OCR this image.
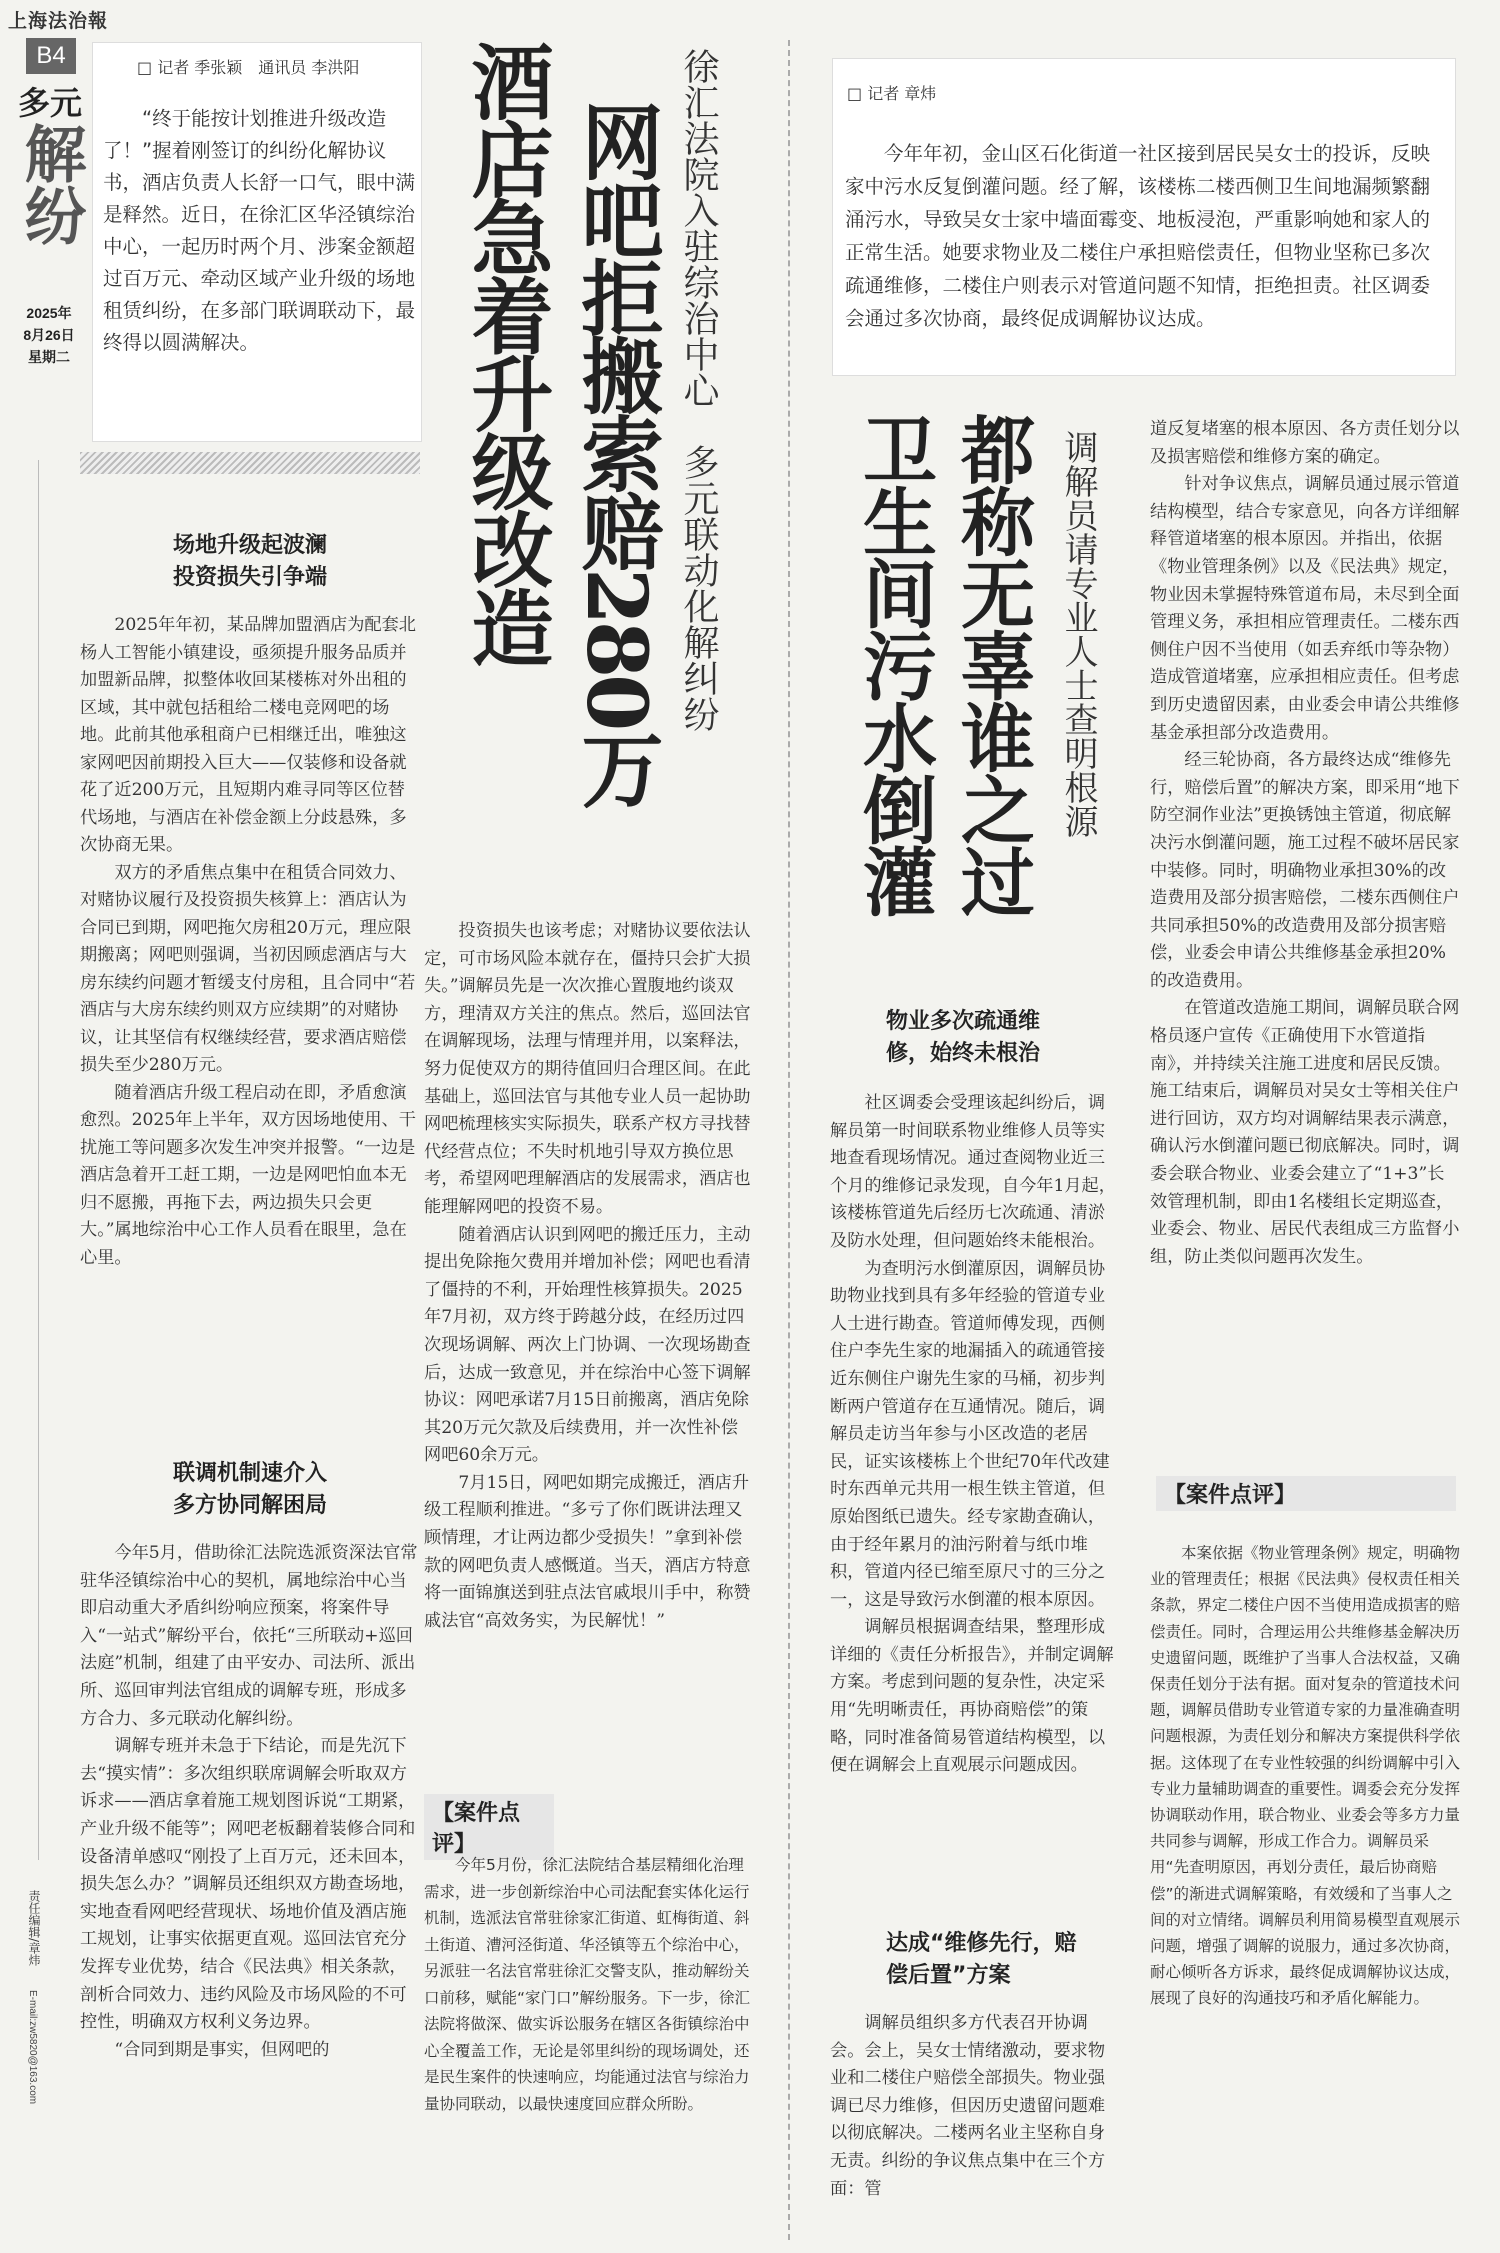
上海法治報
B4
多元
解纷
2025年
8月26日
星期二
责任编辑/章炜
E-mail:zw5820@163.com
□ 记者 季张颖　通讯员 李洪阳

“终于能按计划推进升级改造了！”握着刚签订的纠纷化解协议书，酒店负责人长舒一口气，眼中满是释然。近日，在徐汇区华泾镇综治中心，一起历时两个月、涉案金额超过百万元、牵动区域产业升级的场地租赁纠纷，在多部门联调联动下，最终得以圆满解决。	网吧拒搬索赔280万
酒店急着升级改造	徐汇法院入驻综治中心　多元联动化解纠纷
场地升级起波澜
投资损失引争端

2025年年初，某品牌加盟酒店为配套北杨人工智能小镇建设，亟须提升服务品质并加盟新品牌，拟整体收回某楼栋对外出租的区域，其中就包括租给二楼电竞网吧的场地。此前其他承租商户已相继迁出，唯独这家网吧因前期投入巨大——仅装修和设备就花了近200万元，且短期内难寻同等区位替代场地，与酒店在补偿金额上分歧悬殊，多次协商无果。

双方的矛盾焦点集中在租赁合同效力、对赌协议履行及投资损失核算上：酒店认为合同已到期，网吧拖欠房租20万元，理应限期搬离；网吧则强调，当初因顾虑酒店与大房东续约问题才暂缓支付房租，且合同中“若酒店与大房东续约则双方应续期”的对赌协议，让其坚信有权继续经营，要求酒店赔偿损失至少280万元。

随着酒店升级工程启动在即，矛盾愈演愈烈。2025年上半年，双方因场地使用、干扰施工等问题多次发生冲突并报警。“一边是酒店急着开工赶工期，一边是网吧怕血本无归不愿搬，再拖下去，两边损失只会更大。”属地综治中心工作人员看在眼里，急在心里。

联调机制速介入
多方协同解困局

今年5月，借助徐汇法院选派资深法官常驻华泾镇综治中心的契机，属地综治中心当即启动重大矛盾纠纷响应预案，将案件导入“一站式”解纷平台，依托“三所联动+巡回法庭”机制，组建了由平安办、司法所、派出所、巡回审判法官组成的调解专班，形成多方合力、多元联动化解纠纷。

调解专班并未急于下结论，而是先沉下去“摸实情”：多次组织联席调解会听取双方诉求——酒店拿着施工规划图诉说“工期紧，产业升级不能等”；网吧老板翻着装修合同和设备清单感叹“刚投了上百万元，还未回本，损失怎么办？”调解员还组织双方勘查场地，实地查看网吧经营现状、场地价值及酒店施工规划，让事实依据更直观。巡回法官充分发挥专业优势，结合《民法典》相关条款，剖析合同效力、违约风险及市场风险的不可控性，明确双方权利义务边界。

“合同到期是事实，但网吧的

投资损失也该考虑；对赌协议要依法认定，可市场风险本就存在，僵持只会扩大损失。”调解员先是一次次推心置腹地约谈双方，理清双方关注的焦点。然后，巡回法官在调解现场，法理与情理并用，以案释法，努力促使双方的期待值回归合理区间。在此基础上，巡回法官与其他专业人员一起协助网吧梳理核实实际损失，联系产权方寻找替代经营点位；不失时机地引导双方换位思考，希望网吧理解酒店的发展需求，酒店也能理解网吧的投资不易。

随着酒店认识到网吧的搬迁压力，主动提出免除拖欠费用并增加补偿；网吧也看清了僵持的不利，开始理性核算损失。2025年7月初，双方终于跨越分歧，在经历过四次现场调解、两次上门协调、一次现场勘查后，达成一致意见，并在综治中心签下调解协议：网吧承诺7月15日前搬离，酒店免除其20万元欠款及后续费用，并一次性补偿网吧60余万元。

7月15日，网吧如期完成搬迁，酒店升级工程顺利推进。“多亏了你们既讲法理又顾情理，才让两边都少受损失！”拿到补偿款的网吧负责人感慨道。当天，酒店方特意将一面锦旗送到驻点法官戚垠川手中，称赞戚法官“高效务实，为民解忧！”

【案件点评】

今年5月份，徐汇法院结合基层精细化治理需求，进一步创新综治中心司法配套实体化运行机制，选派法官常驻徐家汇街道、虹梅街道、斜土街道、漕河泾街道、华泾镇等五个综治中心，另派驻一名法官常驻徐汇交警支队，推动解纷关口前移，赋能“家门口”解纷服务。下一步，徐汇法院将做深、做实诉讼服务在辖区各街镇综治中心全覆盖工作，无论是邻里纠纷的现场调处，还是民生案件的快速响应，均能通过法官与综治力量协同联动，以最快速度回应群众所盼。

□ 记者 章炜

今年年初，金山区石化街道一社区接到居民吴女士的投诉，反映家中污水反复倒灌问题。经了解，该楼栋二楼西侧卫生间地漏频繁翻涌污水，导致吴女士家中墙面霉变、地板浸泡，严重影响她和家人的正常生活。她要求物业及二楼住户承担赔偿责任，但物业坚称已多次疏通维修，二楼住户则表示对管道问题不知情，拒绝担责。社区调委会通过多次协商，最终促成调解协议达成。

调解员请专业人士查明根源
都称无辜谁之过
卫生间污水倒灌
物业多次疏通维
修，始终未根治

社区调委会受理该起纠纷后，调解员第一时间联系物业维修人员等实地查看现场情况。通过查阅物业近三个月的维修记录发现，自今年1月起，该楼栋管道先后经历七次疏通、清淤及防水处理，但问题始终未能根治。

为查明污水倒灌原因，调解员协助物业找到具有多年经验的管道专业人士进行勘查。管道师傅发现，西侧住户李先生家的地漏插入的疏通管接近东侧住户谢先生家的马桶，初步判断两户管道存在互通情况。随后，调解员走访当年参与小区改造的老居民，证实该楼栋上个世纪70年代改建时东西单元共用一根生铁主管道，但原始图纸已遗失。经专家勘查确认，由于经年累月的油污附着与纸巾堆积，管道内径已缩至原尺寸的三分之一，这是导致污水倒灌的根本原因。

调解员根据调查结果，整理形成详细的《责任分析报告》，并制定调解方案。考虑到问题的复杂性，决定采用“先明晰责任，再协商赔偿”的策略，同时准备简易管道结构模型，以便在调解会上直观展示问题成因。

达成“维修先行，赔
偿后置”方案

调解员组织多方代表召开协调会。会上，吴女士情绪激动，要求物业和二楼住户赔偿全部损失。物业强调已尽力维修，但因历史遗留问题难以彻底解决。二楼两名业主坚称自身无责。纠纷的争议焦点集中在三个方面：管

道反复堵塞的根本原因、各方责任划分以及损害赔偿和维修方案的确定。

针对争议焦点，调解员通过展示管道结构模型，结合专家意见，向各方详细解释管道堵塞的根本原因。并指出，依据《物业管理条例》以及《民法典》规定，物业因未掌握特殊管道布局，未尽到全面管理义务，承担相应管理责任。二楼东西侧住户因不当使用（如丢弃纸巾等杂物）造成管道堵塞，应承担相应责任。但考虑到历史遗留因素，由业委会申请公共维修基金承担部分改造费用。

经三轮协商，各方最终达成“维修先行，赔偿后置”的解决方案，即采用“地下防空洞作业法”更换锈蚀主管道，彻底解决污水倒灌问题，施工过程不破坏居民家中装修。同时，明确物业承担30%的改造费用及部分损害赔偿，二楼东西侧住户共同承担50%的改造费用及部分损害赔偿，业委会申请公共维修基金承担20%的改造费用。

在管道改造施工期间，调解员联合网格员逐户宣传《正确使用下水管道指南》，并持续关注施工进度和居民反馈。施工结束后，调解员对吴女士等相关住户进行回访，双方均对调解结果表示满意，确认污水倒灌问题已彻底解决。同时，调委会联合物业、业委会建立了“1+3”长效管理机制，即由1名楼组长定期巡查，业委会、物业、居民代表组成三方监督小组，防止类似问题再次发生。

【案件点评】

本案依据《物业管理条例》规定，明确物业的管理责任；根据《民法典》侵权责任相关条款，界定二楼住户因不当使用造成损害的赔偿责任。同时，合理运用公共维修基金解决历史遗留问题，既维护了当事人合法权益，又确保责任划分于法有据。面对复杂的管道技术问题，调解员借助专业管道专家的力量准确查明问题根源，为责任划分和解决方案提供科学依据。这体现了在专业性较强的纠纷调解中引入专业力量辅助调查的重要性。调委会充分发挥协调联动作用，联合物业、业委会等多方力量共同参与调解，形成工作合力。调解员采用“先查明原因，再划分责任，最后协商赔偿”的渐进式调解策略，有效缓和了当事人之间的对立情绪。调解员利用简易模型直观展示问题，增强了调解的说服力，通过多次协商，耐心倾听各方诉求，最终促成调解协议达成，展现了良好的沟通技巧和矛盾化解能力。
